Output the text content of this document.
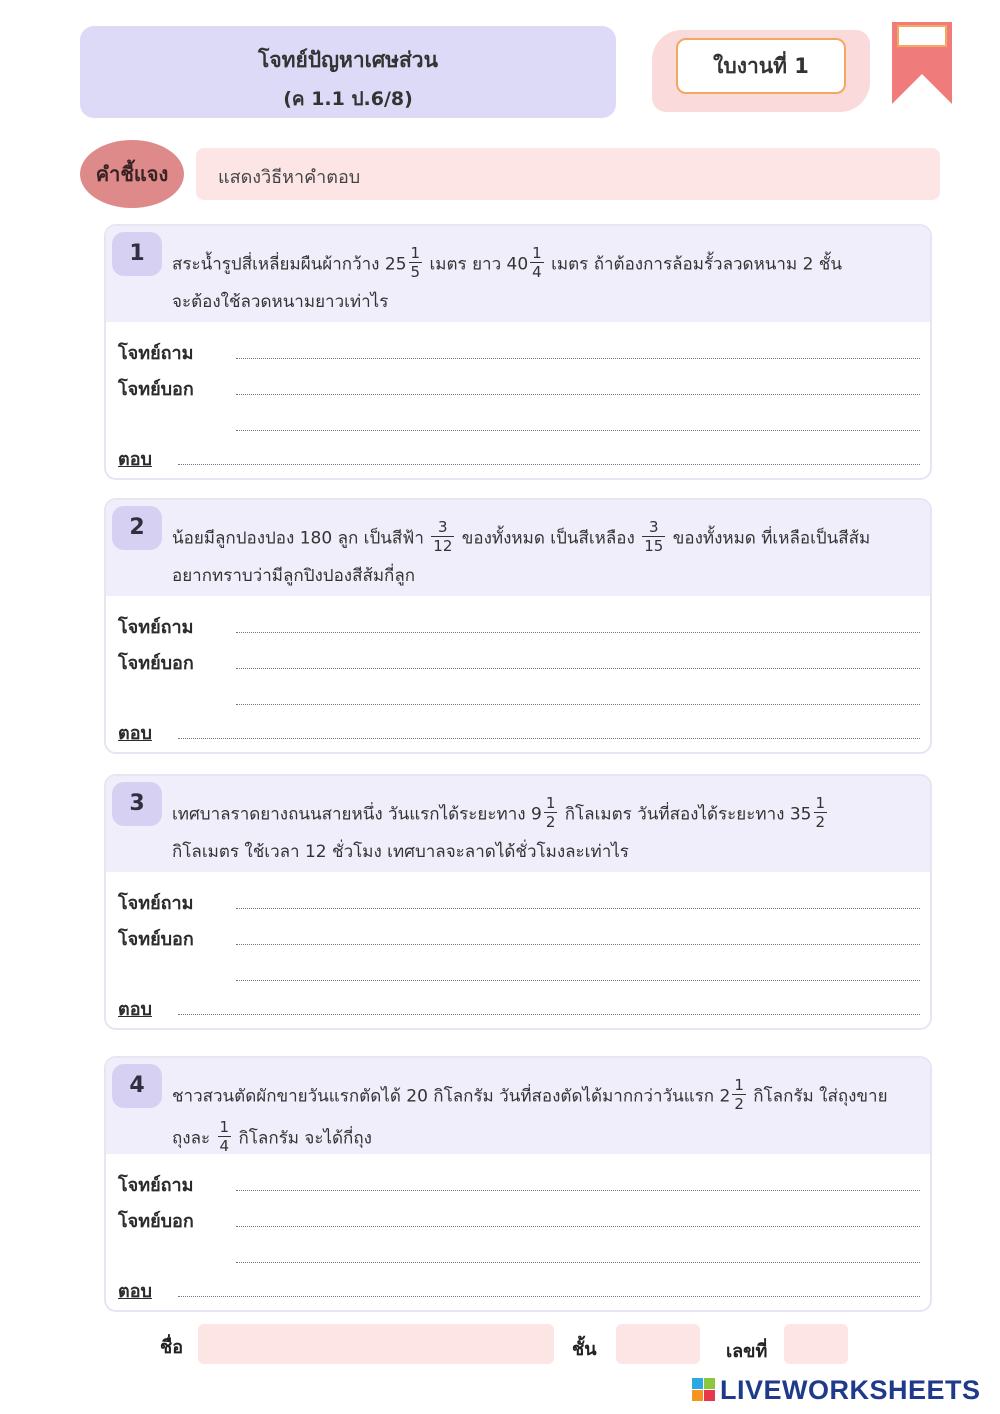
โจทย์ปัญหาเศษส่วน
(ค 1.1 ป.6/8)
ใบงานที่ 1
คำชี้แจง	แสดงวิธีหาคำตอบ
1	สระน้ำรูปสี่เหลี่ยมผืนผ้ากว้าง $25 \frac{1}{5}$ เมตร ยาว $40 \frac{1}{4}$ เมตร ถ้าต้องการล้อมรั้วลวดหนาม 2 ชั้น
จะต้องใช้ลวดหนามยาวเท่าไร
โจทย์ถาม
โจทย์บอก
ตอบ
2	น้อยมีลูกปองปอง 180 ลูก เป็นสีฟ้า $\frac{3}{12}$ ของทั้งหมด เป็นสีเหลือง $\frac{3}{15}$ ของทั้งหมด ที่เหลือเป็นสีส้ม
อยากทราบว่ามีลูกปิงปองสีส้มกี่ลูก
โจทย์ถาม
โจทย์บอก
ตอบ
3	เทศบาลราดยางถนนสายหนึ่ง วันแรกได้ระยะทาง $9 \frac{1}{2}$ กิโลเมตร วันที่สองได้ระยะทาง $35 \frac{1}{2}$
กิโลเมตร ใช้เวลา 12 ชั่วโมง เทศบาลจะลาดได้ชั่วโมงละเท่าไร
โจทย์ถาม
โจทย์บอก
ตอบ
4	ชาวสวนตัดผักขายวันแรกตัดได้ 20 กิโลกรัม วันที่สองตัดได้มากกว่าวันแรก $2 \frac{1}{2}$ กิโลกรัม ใส่ถุงขาย
ถุงละ $\frac{1}{4}$ กิโลกรัม จะได้กี่ถุง
โจทย์ถาม
โจทย์บอก
ตอบ
ชื่อ	ชั้น	เลขที่
LIVEWORKSHEETS
